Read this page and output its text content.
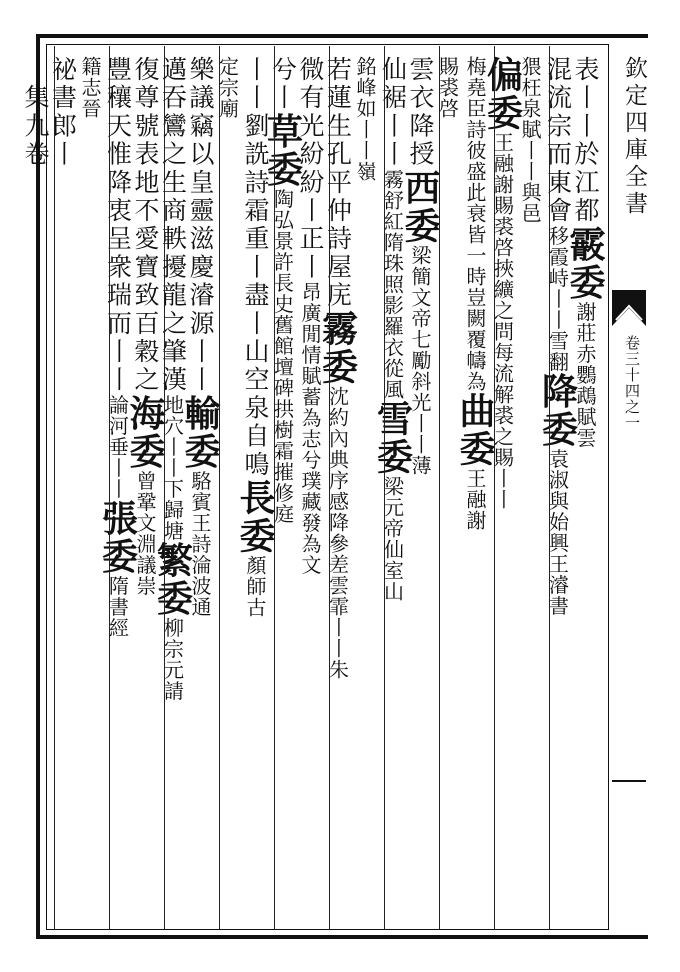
表丨丨於江都霰委謝莊赤鸚鵡賦雲
混流宗而東會移霞峙丨丨雪翻降委袁淑與始興王濬書
猥枉泉賦丨丨與邑
偏委王融謝賜裘啓挾纊之問每流解裘之賜丨丨
梅堯臣詩彼盛此衰皆一時豈闕覆幬為曲委王融謝
賜裘啓
雲衣降授西委梁簡文帝七勵斜光丨丨薄
仙裾丨丨霧舒紅隋珠照影羅衣從風雪委梁元帝仙室山
銘峰如丨丨嶺
若蓮生孔平仲詩屋庑霧委沈約內典序感降參差雲霏丨丨朱
微有光紛紛丨正丨昂廣閒情賦蓄為志兮璞藏發為文
兮丨草委陶弘景許長史舊館壇碑拱樹霜摧修庭
丨丨劉詵詩霜重丨盡丨山空泉自鳴長委顏師古
定宗廟
樂議竊以皇靈滋慶濬源丨丨輸委駱賓王詩淪波通
邁吞鸞之生商軼擾龍之肇漢地穴丨丨下歸塘繁委柳宗元請
復尊號表地不愛寶致百穀之海委曾鞏文淵議崇
豐穰天惟降衷呈衆瑞而丨丨論河垂丨丨張委隋書經
籍志晉
祕書郎丨
丨集九卷	欽定四庫全書
卷三十四之一
